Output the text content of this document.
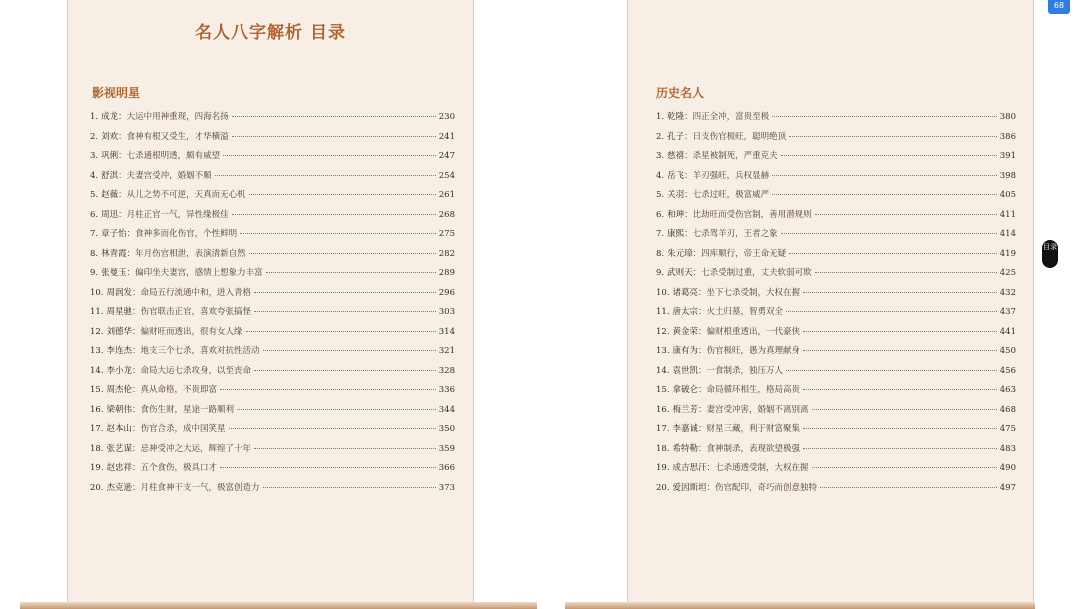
名人八字解析 目录
影视明星
1. 成龙 ：大运中用神重现，四海名扬	230
2. 刘欢 ：食神有根又受生，才华横溢	241
3. 巩俐 ：七杀通根明透，颇有威望	247
4. 舒淇 ：夫妻宫受冲，婚姻不顺	254
5. 赵薇 ：从儿之势不可逆，天真而无心机	261
6. 周迅 ：月柱正官一气，异性缘极佳	268
7. 章子怡 ：食神多而化伤官，个性鲜明	275
8. 林青霞 ：年月伤官相泄，表演清新自然	282
9. 张曼玉 ：偏印坐夫妻宫，感情上想象力丰富	289
10. 周润发 ：命局五行流通中和，进入青格	296
11. 周星驰 ：伤官联击正官，喜欢夸张搞怪	303
12. 刘德华 ：偏财旺而透出，很有女人缘	314
13. 李连杰 ：地支三个七杀，喜欢对抗性活动	321
14. 李小龙 ：命局大运七杀攻身，以至丧命	328
15. 周杰伦 ：真从命格，不贵即富	336
16. 梁朝伟 ：食伤生财，星途一路顺利	344
17. 赵本山 ：伤官合杀，成中国笑星	350
18. 张艺谋 ：忌神受冲之大运，辉煌了十年	359
19. 赵忠祥 ：五个食伤，极具口才	366
20. 杰克逊 ：月柱食神干支一气，极富创造力	373
历史名人
1. 乾隆 ：四正全冲，富贵至极	380
2. 孔子 ：日支伤官极旺，聪明绝顶	386
3. 慈禧 ：杀星被制死，严重克夫	391
4. 岳飞 ：羊刃强旺，兵权显赫	398
5. 关羽 ：七杀过旺，极富威严	405
6. 和珅 ：比劫旺而受伤官制，善用潜规则	411
7. 康熙 ：七杀驾羊刃，王者之象	414
8. 朱元璋 ：四库顺行，帝王命无疑	419
9. 武则天 ：七杀受制过重，丈夫软弱可欺	425
10. 诸葛亮 ：坐下七杀受制，大权在握	432
11. 唐太宗 ：火土归墓，智勇双全	437
12. 黄金荣 ：偏财根重透出，一代豪侠	441
13. 康有为 ：伤官极旺，愚为真理献身	450
14. 袁世凯 ：一食制杀，独压万人	456
15. 拿破仑 ：命局循环相生，格局高贵	463
16. 梅兰芳 ：妻宫受冲害，婚姻不离别离	468
17. 李嘉诚 ：财星三藏，利于财富聚集	475
18. 希特勒 ：食神制杀，表现欲望极强	483
19. 成吉思汗 ：七杀通透受制，大权在握	490
20. 爱因斯坦 ：伤官配印，奇巧而创意独特	497
目录
68
